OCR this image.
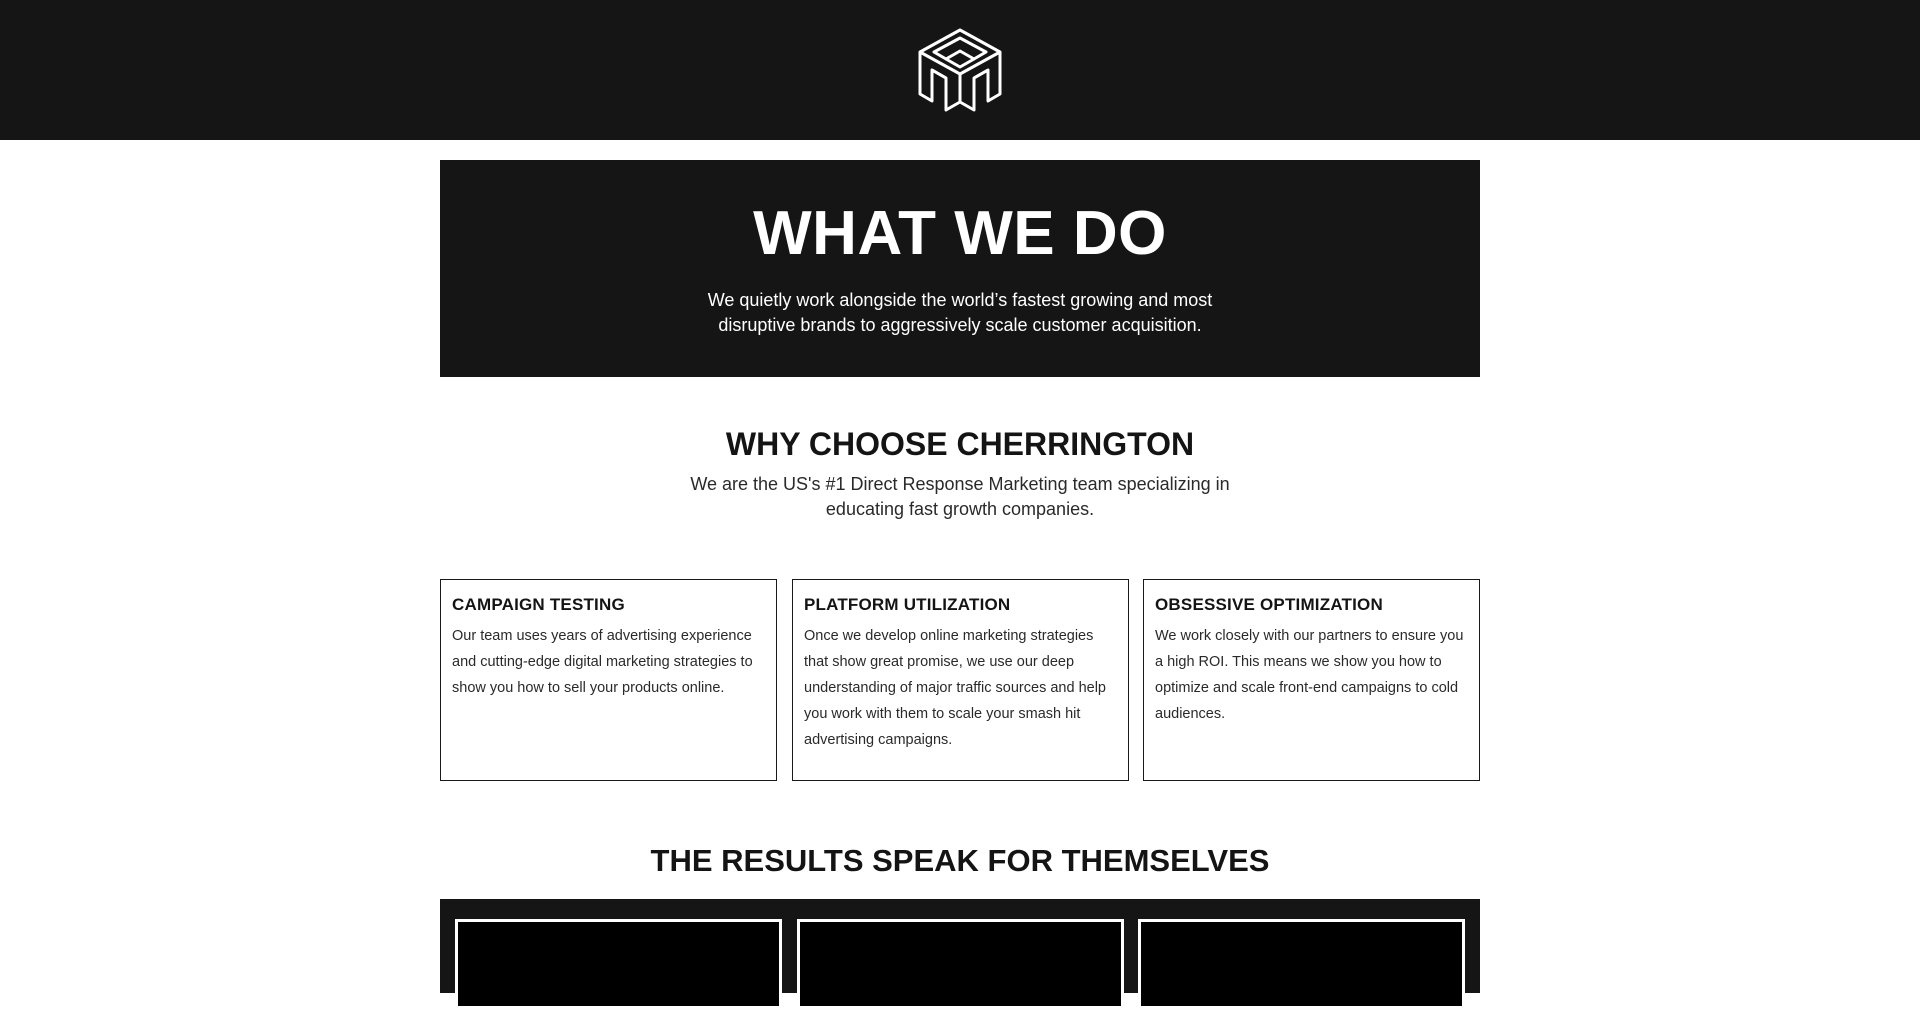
WHAT WE DO

We quietly work alongside the world’s fastest growing and most disruptive brands to aggressively scale customer acquisition.

WHY CHOOSE CHERRINGTON

We are the US's #1 Direct Response Marketing team specializing in educating fast growth companies.

CAMPAIGN TESTING

Our team uses years of advertising experience and cutting-edge digital marketing strategies to show you how to sell your products online.

PLATFORM UTILIZATION

Once we develop online marketing strategies that show great promise, we use our deep understanding of major traffic sources and help you work with them to scale your smash hit advertising campaigns.

OBSESSIVE OPTIMIZATION

We work closely with our partners to ensure you a high ROI. This means we show you how to optimize and scale front-end campaigns to cold audiences.

THE RESULTS SPEAK FOR THEMSELVES
